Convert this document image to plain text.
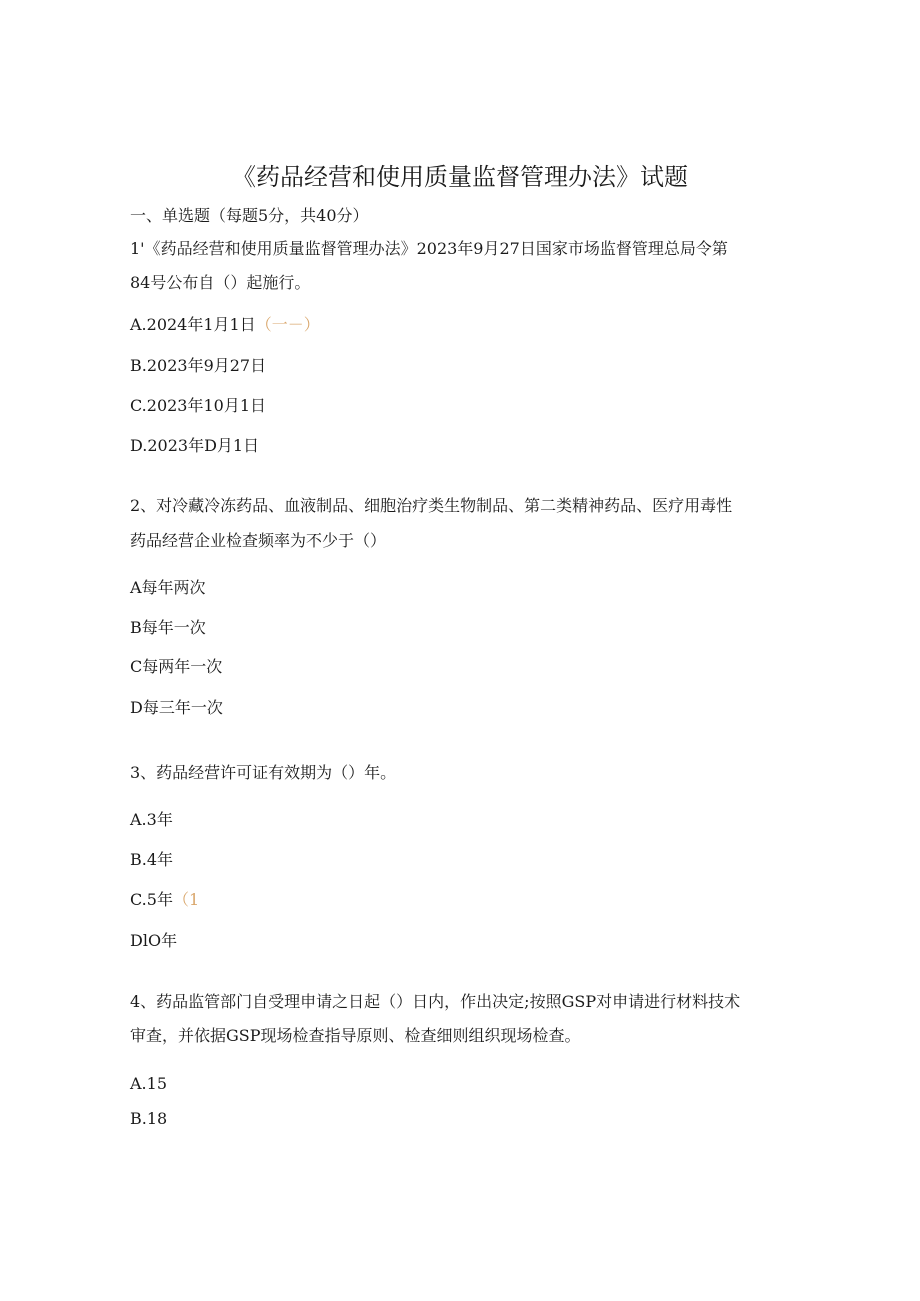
《药品经营和使用质量监督管理办法》试题

一、单选题（每题5分，共40分）

1'《药品经营和使用质量监督管理办法》2023年9月27日国家市场监督管理总局令第

84号公布自（）起施行。

A.2024年1月1日（一－）

B.2023年9月27日

C.2023年10月1日

D.2023年D月1日

2、对冷藏冷冻药品、血液制品、细胞治疗类生物制品、第二类精神药品、医疗用毒性

药品经营企业检查频率为不少于（）

A每年两次

B每年一次

C每两年一次

D每三年一次

3、药品经营许可证有效期为（）年。

A.3年

B.4年

C.5年（1

DlO年

4、药品监管部门自受理申请之日起（）日内，作出决定;按照GSP对申请进行材料技术

审查，并依据GSP现场检查指导原则、检查细则组织现场检查。

A.15

B.18
